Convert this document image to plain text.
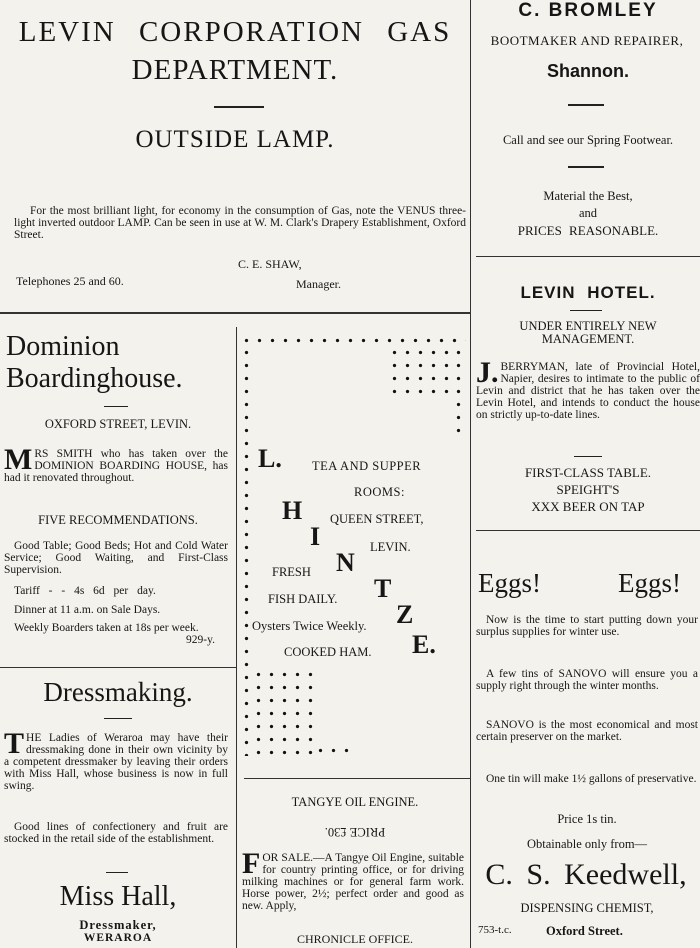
LEVIN CORPORATION GAS
DEPARTMENT.
OUTSIDE LAMP.
For the most brilliant light, for economy in the consumption of Gas, note the VENUS three-light inverted outdoor LAMP. Can be seen in use at W. M. Clark's Drapery Establishment, Oxford Street.
C. E. SHAW,
Telephones 25 and 60.	Manager.
C. BROMLEY
BOOTMAKER AND REPAIRER,
Shannon.
Call and see our Spring Footwear.
Material the Best,
and
PRICES REASONABLE.
LEVIN HOTEL.
UNDER ENTIRELY NEW
MANAGEMENT.
J. BERRYMAN, late of Provincial Hotel, Napier, desires to intimate to the public of Levin and district that he has taken over the Levin Hotel, and intends to conduct the house on strictly up-to-date lines.
FIRST-CLASS TABLE.
SPEIGHT'S
XXX BEER ON TAP
Dominion
Boardinghouse.
OXFORD STREET, LEVIN.
M RS SMITH who has taken over the DOMINION BOARDING HOUSE, has had it renovated throughout.
FIVE RECOMMENDATIONS.
Good Table; Good Beds; Hot and Cold Water Service; Good Waiting, and First-Class Supervision.
Tariff - - 4s 6d per day.
Dinner at 11 a.m. on Sale Days.
Weekly Boarders taken at 18s per week.
929-y.
L. TEA AND SUPPER
ROOMS:
H QUEEN STREET,
I	LEVIN.
FRESH N
T
FISH DAILY.
Oysters Twice Weekly. Z
COOKED HAM. E.
Dressmaking.
T HE Ladies of Weraroa may have their dressmaking done in their own vicinity by a competent dressmaker by leaving their orders with Miss Hall, whose business is now in full swing.
Good lines of confectionery and fruit are stocked in the retail side of the establishment.
Miss Hall,
Dressmaker,
WERAROA
TANGYE OIL ENGINE.
PRICE £30.
F OR SALE.—A Tangye Oil Engine, suitable for country printing office, or for driving milking machines or for general farm work. Horse power, 2½; perfect order and good as new. Apply,
CHRONICLE OFFICE.
Eggs!	Eggs!
Now is the time to start putting down your surplus supplies for winter use.
A few tins of SANOVO will ensure you a supply right through the winter months.
SANOVO is the most economical and most certain preserver on the market.
One tin will make 1½ gallons of preservative.
Price 1s tin.
Obtainable only from—
C. S. Keedwell,
DISPENSING CHEMIST,
753-t.c.	Oxford Street.
